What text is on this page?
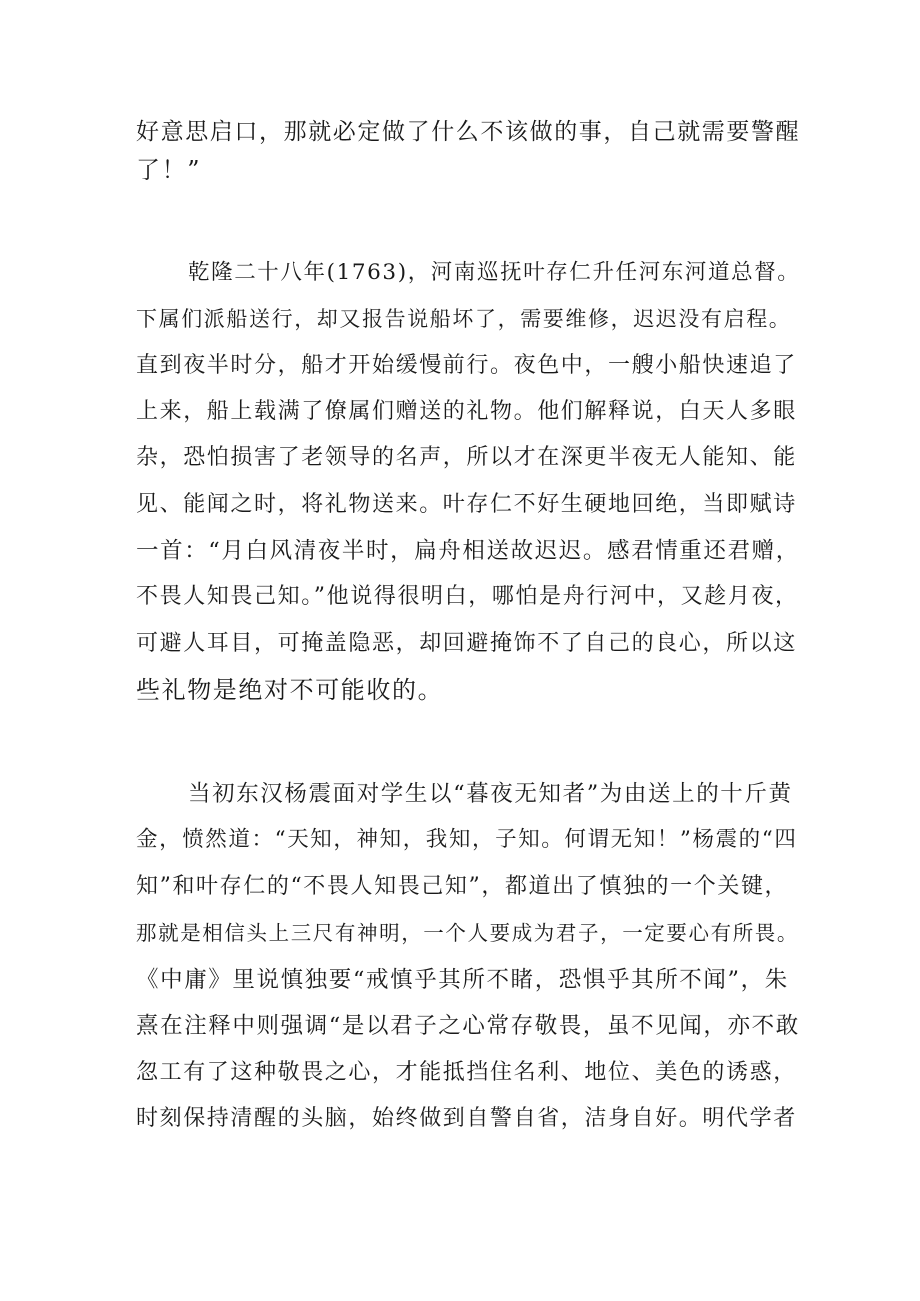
好意思启口，那就必定做了什么不该做的事，自己就需要警醒
了！”
乾隆二十八年(1763)，河南巡抚叶存仁升任河东河道总督。
下属们派船送行，却又报告说船坏了，需要维修，迟迟没有启程。
直到夜半时分，船才开始缓慢前行。夜色中，一艘小船快速追了
上来，船上载满了僚属们赠送的礼物。他们解释说，白天人多眼
杂，恐怕损害了老领导的名声，所以才在深更半夜无人能知、能
见、能闻之时，将礼物送来。叶存仁不好生硬地回绝，当即赋诗
一首：“月白风清夜半时，扁舟相送故迟迟。感君情重还君赠，
不畏人知畏己知。”他说得很明白，哪怕是舟行河中，又趁月夜，
可避人耳目，可掩盖隐恶，却回避掩饰不了自己的良心，所以这
些礼物是绝对不可能收的。
当初东汉杨震面对学生以“暮夜无知者”为由送上的十斤黄
金，愤然道：“天知，神知，我知，子知。何谓无知！”杨震的“四
知”和叶存仁的“不畏人知畏己知”，都道出了慎独的一个关键，
那就是相信头上三尺有神明，一个人要成为君子，一定要心有所畏。
《中庸》里说慎独要“戒慎乎其所不睹，恐惧乎其所不闻”，朱
熹在注释中则强调“是以君子之心常存敬畏，虽不见闻，亦不敢
忽工有了这种敬畏之心，才能抵挡住名利、地位、美色的诱惑，
时刻保持清醒的头脑，始终做到自警自省，洁身自好。明代学者
